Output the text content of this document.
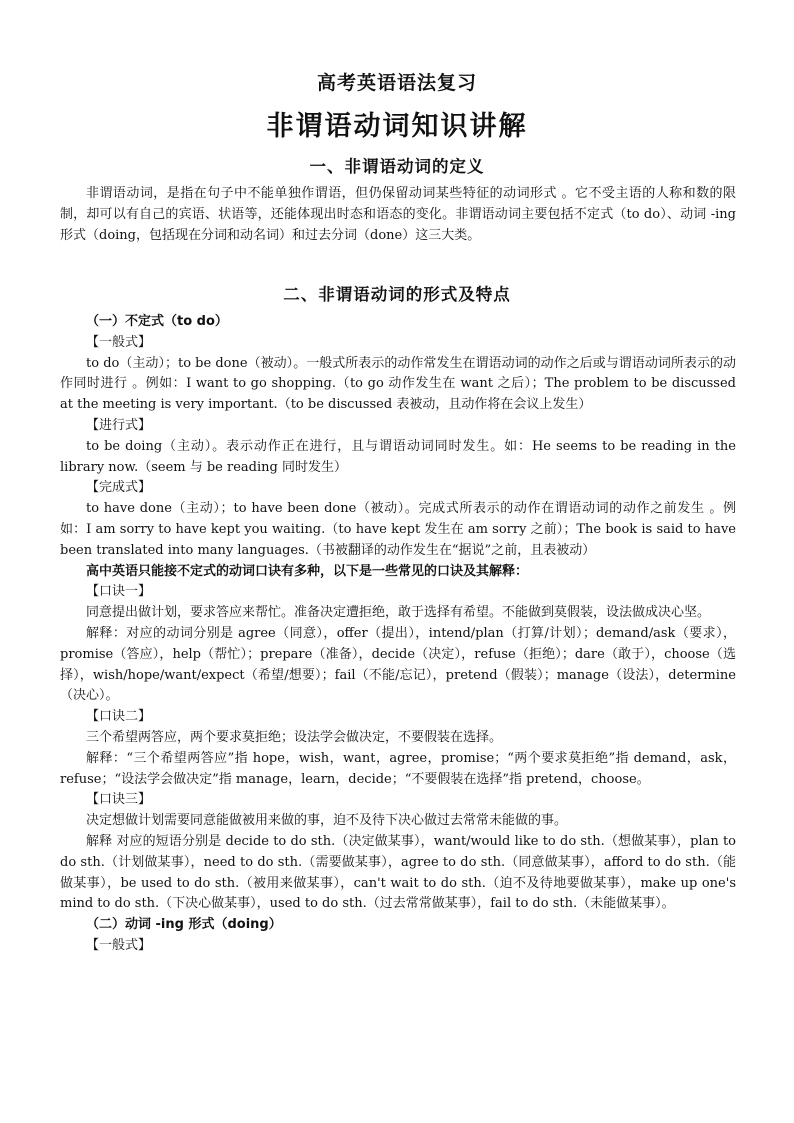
高考英语语法复习
非谓语动词知识讲解
一、非谓语动词的定义

非谓语动词，是指在句子中不能单独作谓语，但仍保留动词某些特征的动词形式 。它不受主语的人称和数的限制，却可以有自己的宾语、状语等，还能体现出时态和语态的变化。非谓语动词主要包括不定式（to do）、动词 -ing 形式（doing，包括现在分词和动名词）和过去分词（done）这三大类。

二、非谓语动词的形式及特点

（一）不定式（to do）

【一般式】

to do（主动）；to be done（被动）。一般式所表示的动作常发生在谓语动词的动作之后或与谓语动词所表示的动作同时进行 。例如：I want to go shopping.（to go 动作发生在 want 之后）；The problem to be discussed at the meeting is very important.（to be discussed 表被动，且动作将在会议上发生）

【进行式】

to be doing（主动）。表示动作正在进行，且与谓语动词同时发生。如：He seems to be reading in the library now.（seem 与 be reading 同时发生）

【完成式】

to have done（主动）；to have been done（被动）。完成式所表示的动作在谓语动词的动作之前发生 。例如：I am sorry to have kept you waiting.（to have kept 发生在 am sorry 之前）；The book is said to have been translated into many languages.（书被翻译的动作发生在“据说”之前，且表被动）

高中英语只能接不定式的动词口诀有多种，以下是一些常见的口诀及其解释：

【口诀一】

同意提出做计划，要求答应来帮忙。准备决定遭拒绝，敢于选择有希望。不能做到莫假装，设法做成决心坚。

解释：对应的动词分别是 agree（同意），offer（提出），intend/plan（打算/计划）；demand/ask（要求），promise（答应），help（帮忙）；prepare（准备），decide（决定），refuse（拒绝）；dare（敢于），choose（选择），wish/hope/want/expect（希望/想要）；fail（不能/忘记），pretend（假装）；manage（设法），determine（决心）。

【口诀二】

三个希望两答应，两个要求莫拒绝；设法学会做决定，不要假装在选择。

解释：“三个希望两答应”指 hope，wish，want，agree，promise；“两个要求莫拒绝”指 demand，ask，refuse；“设法学会做决定”指 manage，learn，decide；“不要假装在选择”指 pretend，choose。

【口诀三】

决定想做计划需要同意能做被用来做的事，迫不及待下决心做过去常常未能做的事。

解释 对应的短语分别是 decide to do sth.（决定做某事），want/would like to do sth.（想做某事），plan to do sth.（计划做某事），need to do sth.（需要做某事），agree to do sth.（同意做某事），afford to do sth.（能做某事），be used to do sth.（被用来做某事），can't wait to do sth.（迫不及待地要做某事），make up one's mind to do sth.（下决心做某事），used to do sth.（过去常常做某事），fail to do sth.（未能做某事）。

（二）动词 -ing 形式（doing）

【一般式】
